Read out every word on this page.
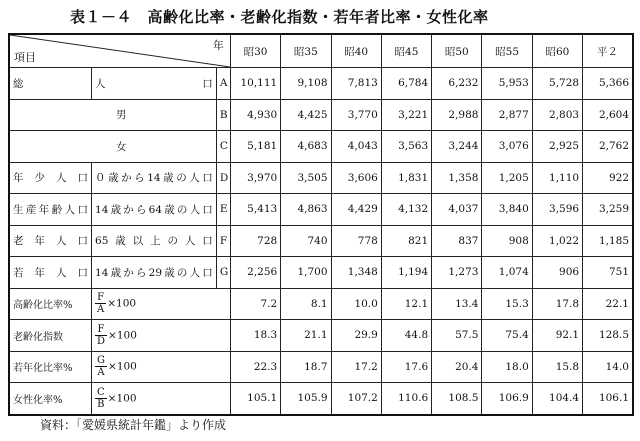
表１－４　高齢化比率・老齢化指数・若年者比率・女性化率
年
項目			昭30	昭35	昭40	昭45	昭50	昭55	昭60	平２
総	人　　口	A	10,111	9,108	7,813	6,784	6,232	5,953	5,728	5,366
男		B	4,930	4,425	3,770	3,221	2,988	2,877	2,803	2,604
女		C	5,181	4,683	4,043	3,563	3,244	3,076	2,925	2,762
年少人口	０歳から14歳の人口	D	3,970	3,505	3,606	1,831	1,358	1,205	1,110	922
生産年齢人口	14歳から64歳の人口	E	5,413	4,863	4,429	4,132	4,037	3,840	3,596	3,259
老年人口	65歳以上の人口	F	728	740	778	821	837	908	1,022	1,185
若年人口	14歳から29歳の人口	G	2,256	1,700	1,348	1,194	1,273	1,074	906	751
高齢化比率%	$\frac{F}{A} \times 100$		7.2	8.1	10.0	12.1	13.4	15.3	17.8	22.1
老齢化指数	$\frac{F}{D} \times 100$		18.3	21.1	29.9	44.8	57.5	75.4	92.1	128.5
若年化比率%	$\frac{G}{A} \times 100$		22.3	18.7	17.2	17.6	20.4	18.0	15.8	14.0
女性化率%	$\frac{C}{B} \times 100$		105.1	105.9	107.2	110.6	108.5	106.9	104.4	106.1
資料：「愛媛県統計年鑑」より作成
